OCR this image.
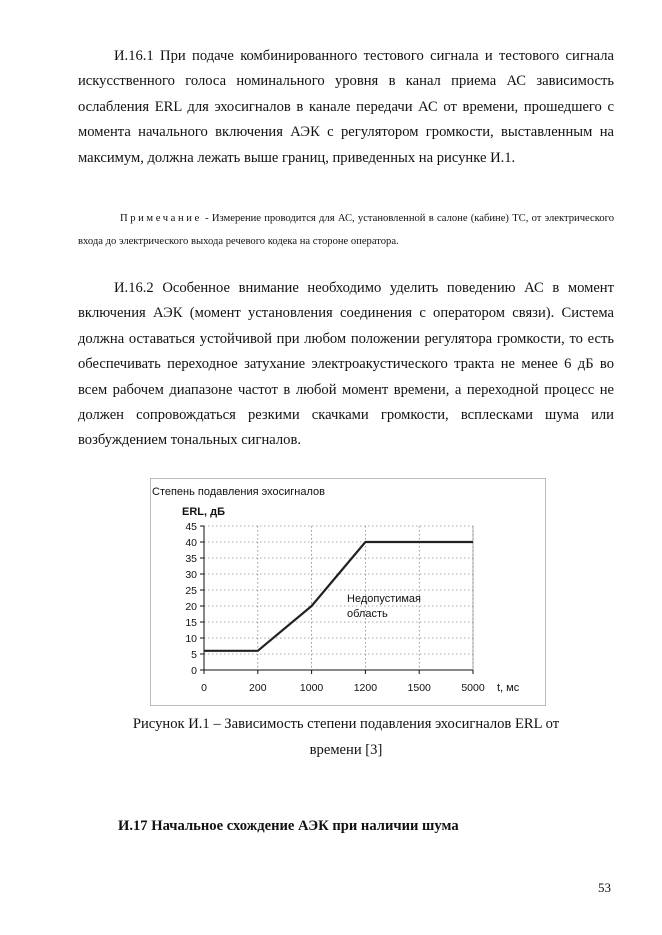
И.16.1 При подаче комбинированного тестового сигнала и тестового сигнала искусственного голоса номинального уровня в канал приема АС зависимость ослабления ERL для эхосигналов в канале передачи АС от времени, прошедшего с момента начального включения АЭК с регулятором громкости, выставленным на максимум, должна лежать выше границ, приведенных на рисунке И.1.

Примечание - Измерение проводится для АС, установленной в салоне (кабине) ТС, от электрического входа до электрического выхода речевого кодека на стороне оператора.

И.16.2 Особенное внимание необходимо уделить поведению АС в момент включения АЭК (момент установления соединения с оператором связи). Система должна оставаться устойчивой при любом положении регулятора громкости, то есть обеспечивать переходное затухание электроакустического тракта не менее 6 дБ во всем рабочем диапазоне частот в любой момент времени, а переходной процесс не должен сопровождаться резкими скачками громкости, всплесками шума или возбуждением тональных сигналов.

Степень подавления эхосигналов
ERL, дБ
0
5
10
15
20
25
30
35
40
45
0	200	1000	1200	1500	5000 t, мс
Недопустимая
область

Рисунок И.1 – Зависимость степени подавления эхосигналов ERL от

времени [3]

И.17 Начальное схождение АЭК при наличии шума

53
